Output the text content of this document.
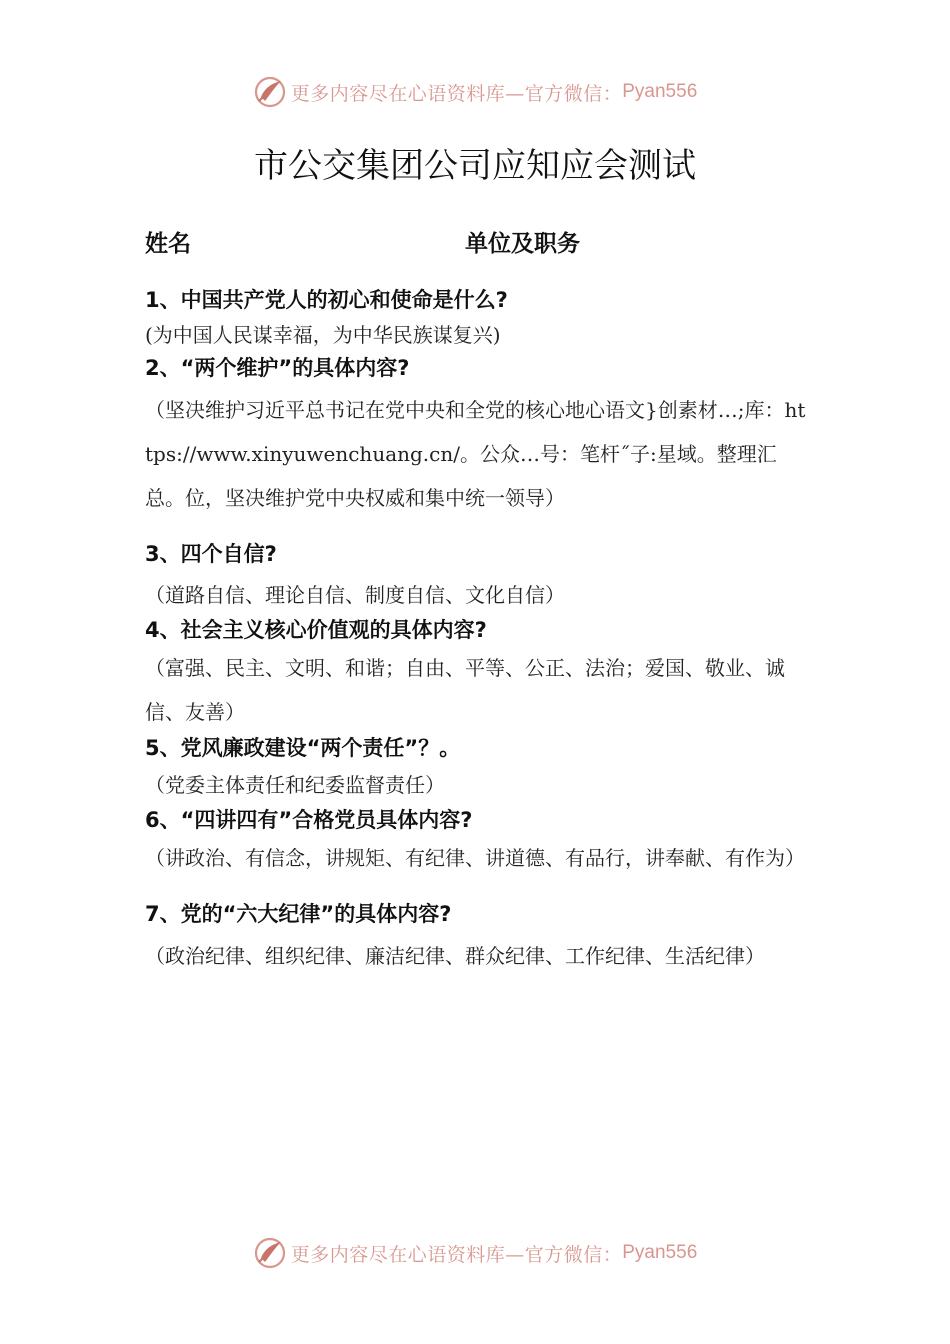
更多内容尽在心语资料库—官方微信： Pyan556
市公交集团公司应知应会测试
姓名	单位及职务

1、中国共产党人的初心和使命是什么?

(为中国人民谋幸福，为中华民族谋复兴)

2、“两个维护”的具体内容?

（坚决维护习近平总书记在党中央和全党的核心地心语文}创素材…;库：https://www.xinyuwenchuang.cn/。公众…号：笔杆˝子:星域。整理汇总。位，坚决维护党中央权威和集中统一领导）

3、四个自信?

（道路自信、理论自信、制度自信、文化自信）

4、社会主义核心价值观的具体内容?

（富强、民主、文明、和谐；自由、平等、公正、法治；爱国、敬业、诚信、友善）

5、党风廉政建设“两个责任”？。

（党委主体责任和纪委监督责任）

6、“四讲四有”合格党员具体内容?

（讲政治、有信念，讲规矩、有纪律、讲道德、有品行，讲奉献、有作为）

7、党的“六大纪律”的具体内容?

（政治纪律、组织纪律、廉洁纪律、群众纪律、工作纪律、生活纪律）

更多内容尽在心语资料库—官方微信： Pyan556
